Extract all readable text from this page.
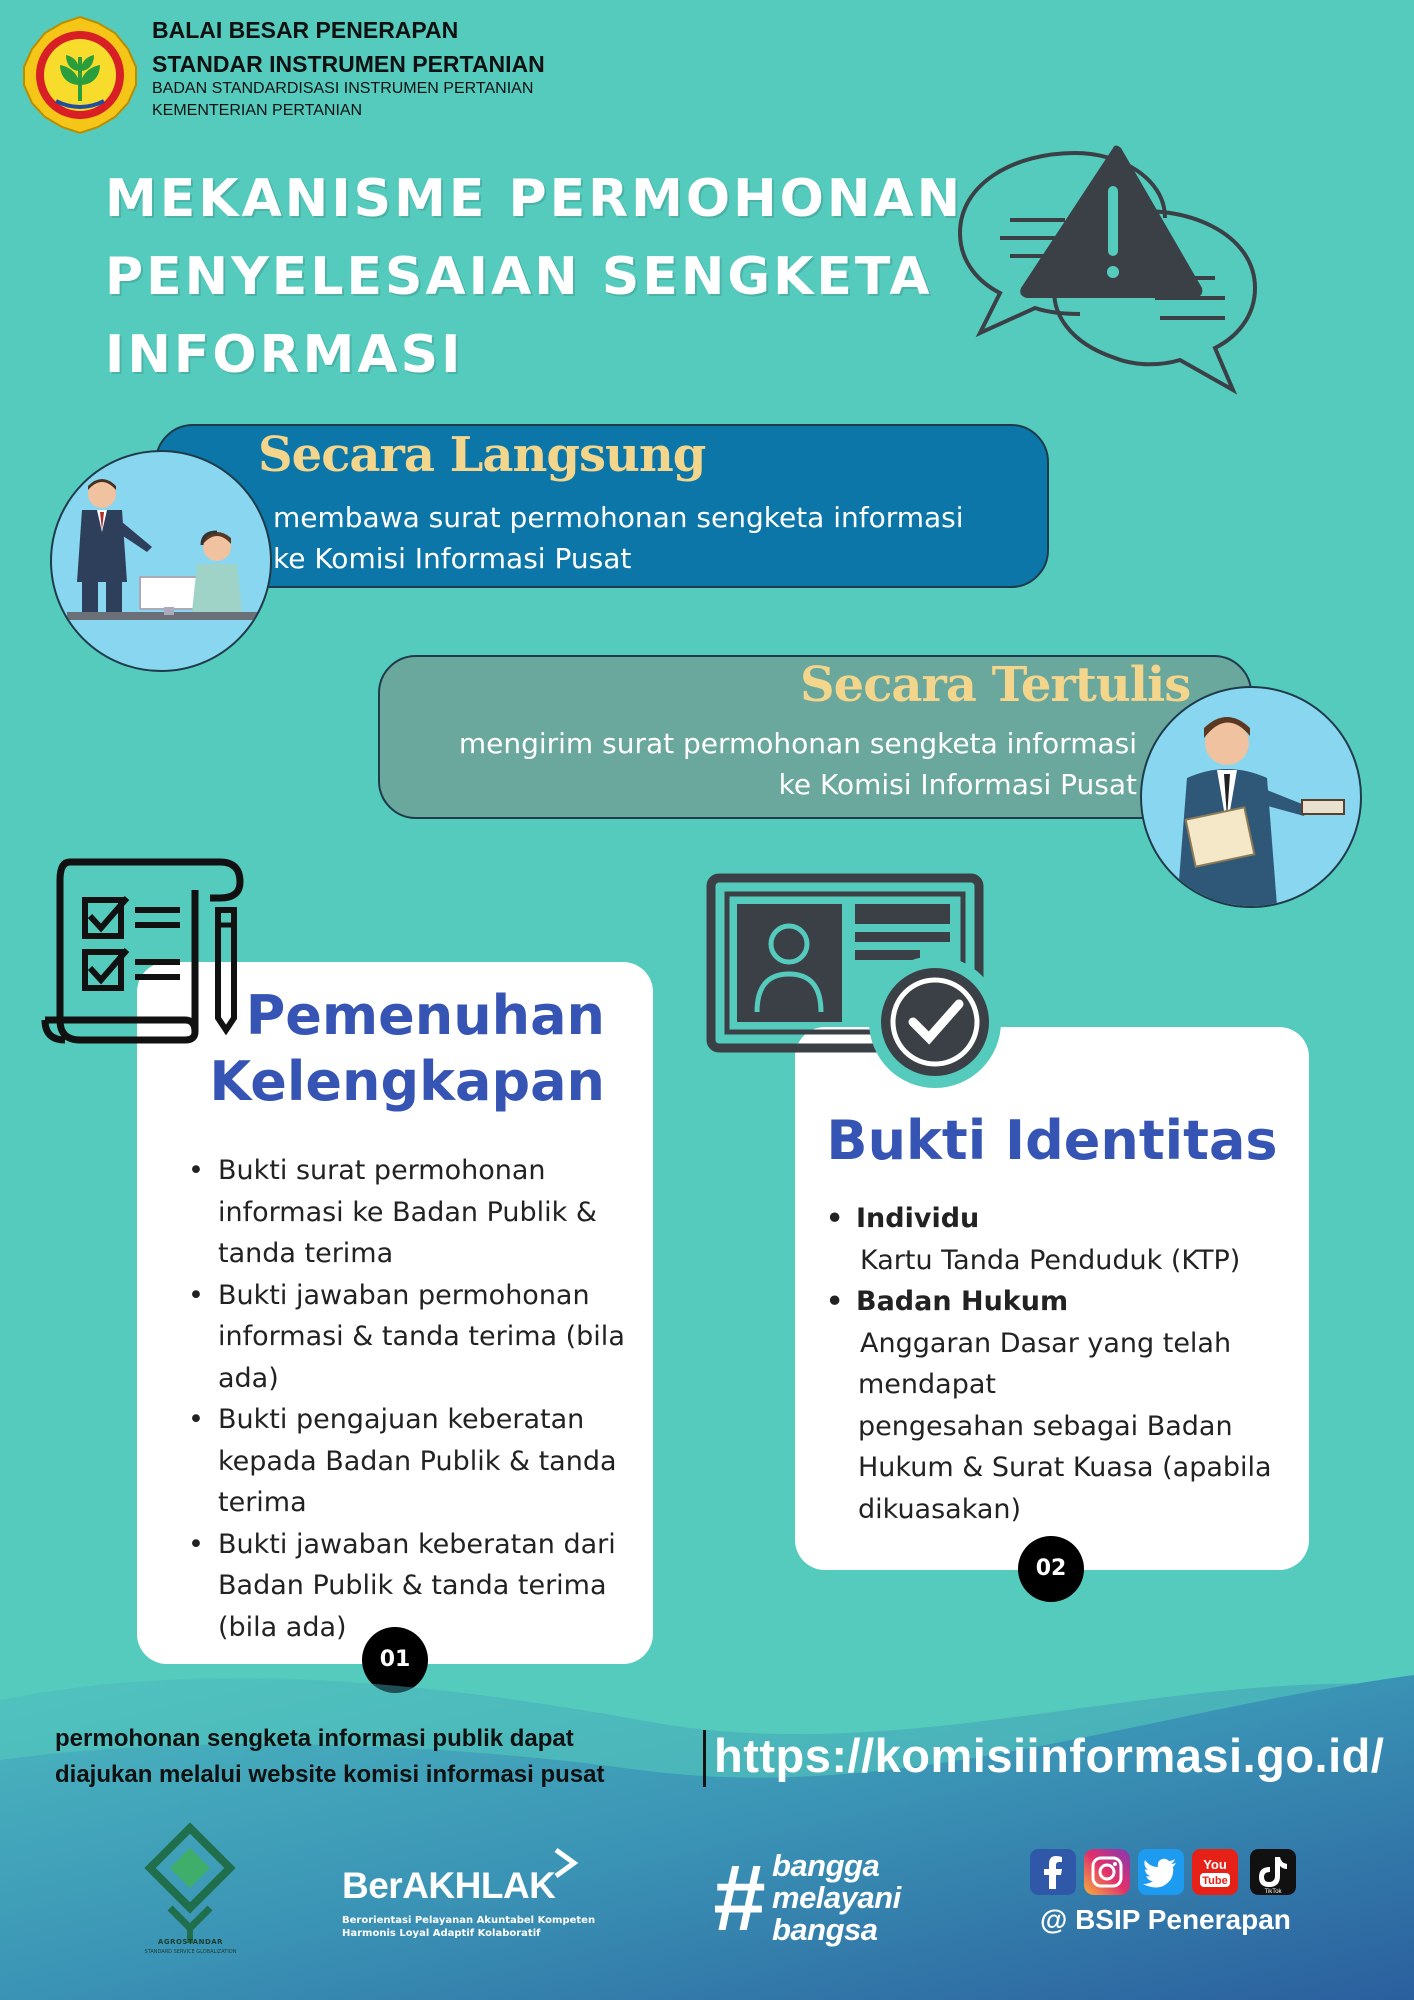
BALAI BESAR PENERAPAN
STANDAR INSTRUMEN PERTANIAN
BADAN STANDARDISASI INSTRUMEN PERTANIAN
KEMENTERIAN PERTANIAN
MEKANISME PERMOHONAN
PENYELESAIAN SENGKETA
INFORMASI
Secara Langsung
membawa surat permohonan sengketa informasi
ke Komisi Informasi Pusat
Secara Tertulis
mengirim surat permohonan sengketa informasi
ke Komisi Informasi Pusat
Pemenuhan
Kelengkapan
• Bukti surat permohonan informasi ke Badan Publik & tanda terima
• Bukti jawaban permohonan informasi & tanda terima (bila ada)
• Bukti pengajuan keberatan kepada Badan Publik & tanda terima
• Bukti jawaban keberatan dari Badan Publik & tanda terima (bila ada)
01
Bukti Identitas
• Individu
Kartu Tanda Penduduk (KTP)
• Badan Hukum
Anggaran Dasar yang telah
mendapat
pengesahan sebagai Badan
Hukum & Surat Kuasa (apabila
dikuasakan)
02
permohonan sengketa informasi publik dapat
diajukan melalui website komisi informasi pusat	https://komisiinformasi.go.id/
AGROSTANDAR
STANDARD SERVICE GLOBALIZATION
BerAKHLAK
Berorientasi Pelayanan Akuntabel Kompeten
Harmonis Loyal Adaptif Kolaboratif	# bangga
melayani
bangsa
You
Tube
TikTok
@ BSIP Penerapan
